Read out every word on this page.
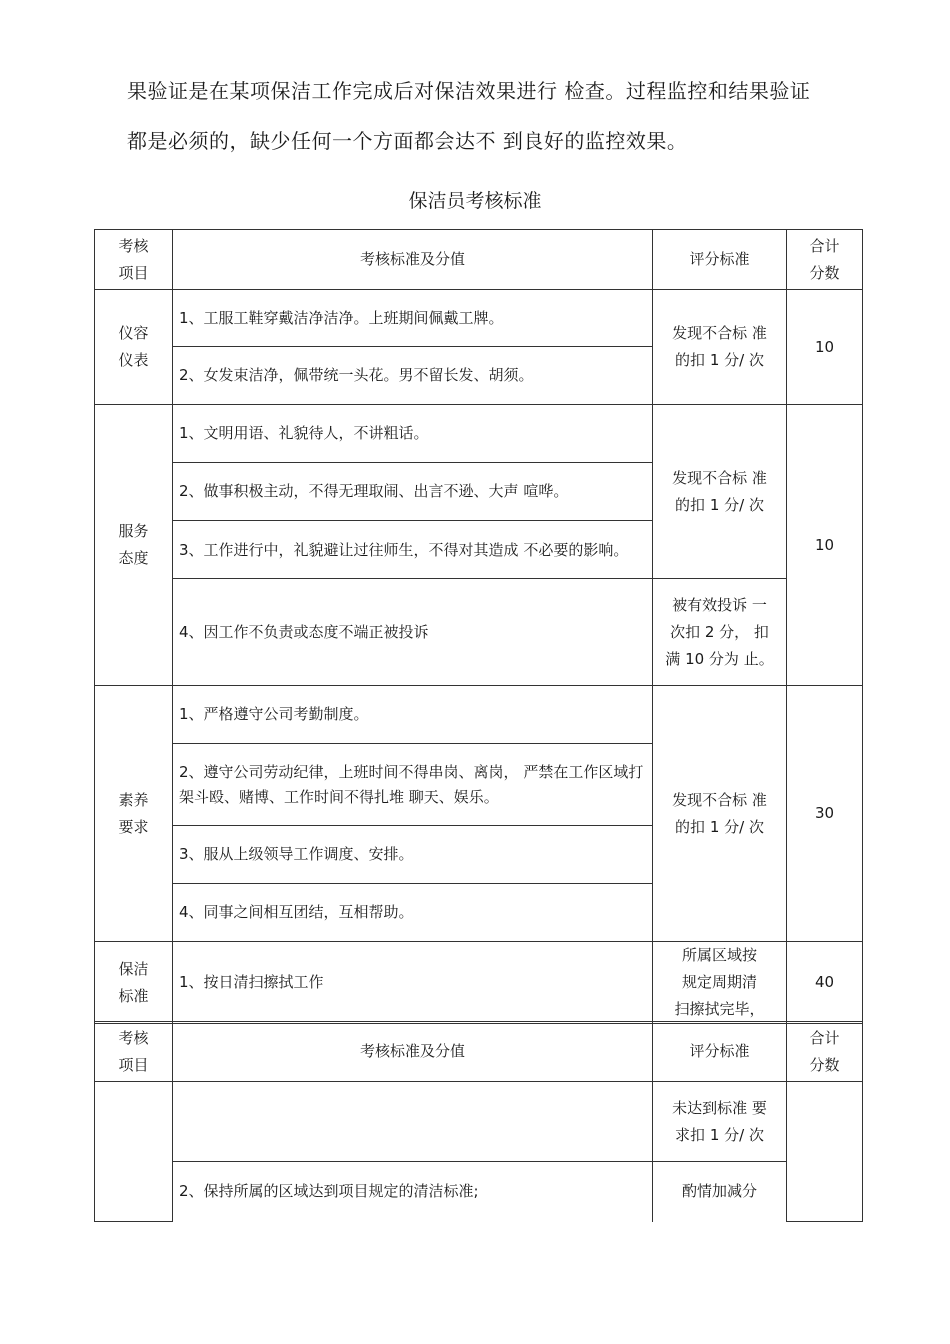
果验证是在某项保洁工作完成后对保洁效果进行 检查。过程监控和结果验证

都是必须的，缺少任何一个方面都会达不 到良好的监控效果。

保洁员考核标准
考核
项目	考核标准及分值	评分标准	合计
分数
仪容
仪表	1、工服工鞋穿戴洁净洁净。上班期间佩戴工牌。	发现不合标 准
的扣 1 分/ 次	10
	2、女发束洁净，佩带统一头花。男不留长发、胡须。		
服务
态度	1、文明用语、礼貌待人，不讲粗话。	发现不合标 准
的扣 1 分/ 次	10
	2、做事积极主动，不得无理取闹、出言不逊、大声 喧哗。		
	3、工作进行中，礼貌避让过往师生，不得对其造成 不必要的影响。		
	4、因工作不负责或态度不端正被投诉	被有效投诉 一
次扣 2 分， 扣
满 10 分为 止。	
素养
要求	1、严格遵守公司考勤制度。	发现不合标 准
的扣 1 分/ 次	30
	2、遵守公司劳动纪律，上班时间不得串岗、离岗， 严禁在工作区域打架斗殴、赌博、工作时间不得扎堆 聊天、娱乐。		
	3、服从上级领导工作调度、安排。		
	4、同事之间相互团结，互相帮助。		
保洁
标准	1、按日清扫擦拭工作	所属区域按
规定周期清
扫擦拭完毕，	40
考核
项目	考核标准及分值	评分标准	合计
分数
		未达到标准 要
求扣 1 分/ 次	
	2、保持所属的区域达到项目规定的清洁标准;	酌情加减分	
